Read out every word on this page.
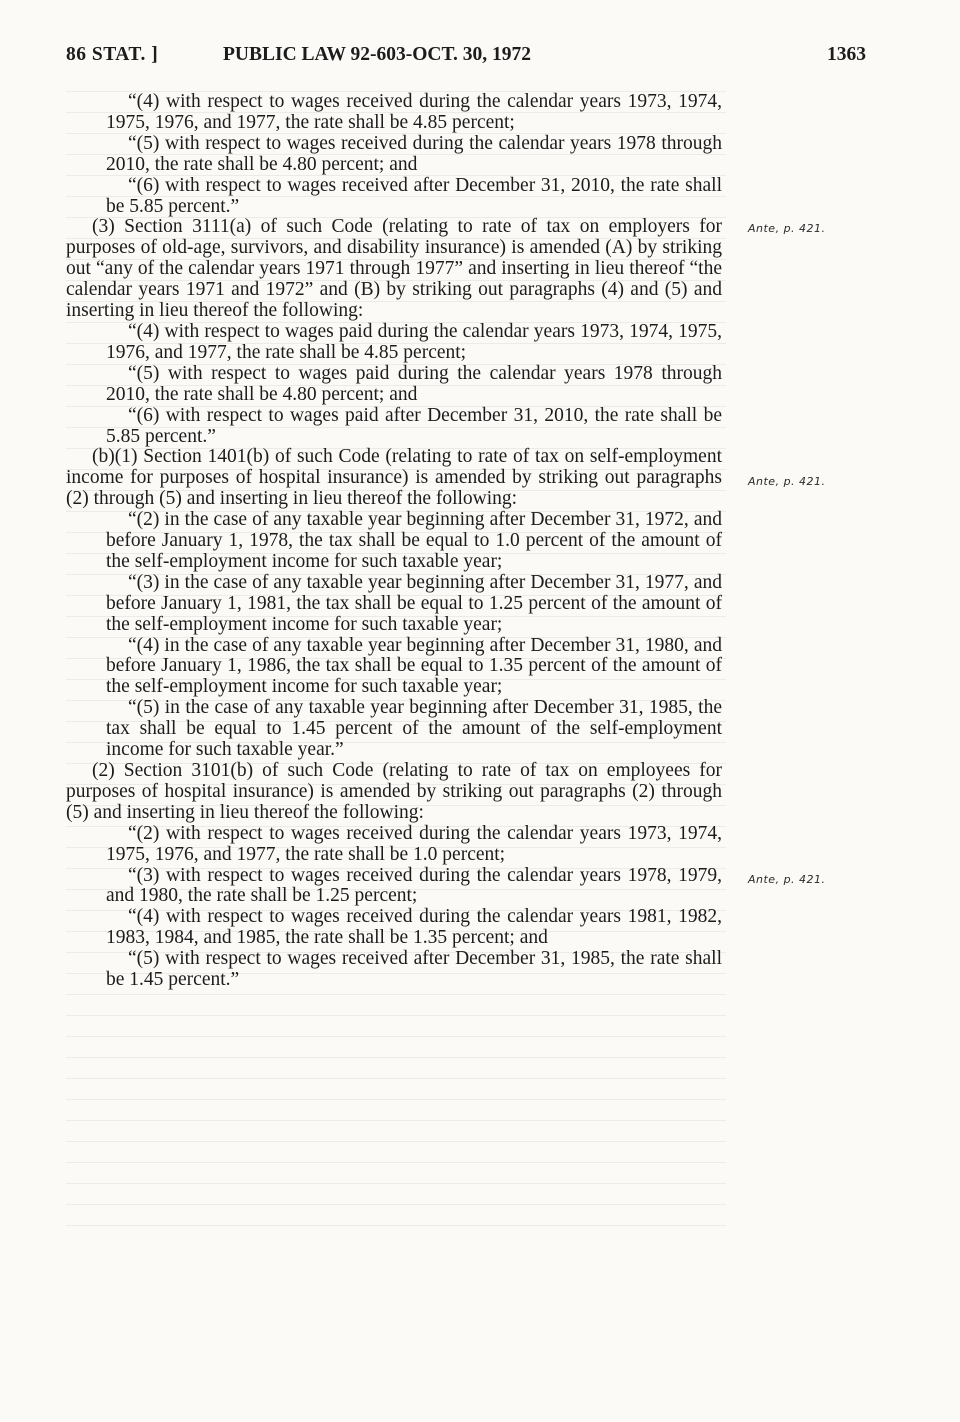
86 STAT. ]	PUBLIC LAW 92-603-OCT. 30, 1972	1363

“(4) with respect to wages received during the calendar years 1973, 1974, 1975, 1976, and 1977, the rate shall be 4.85 percent;

“(5) with respect to wages received during the calendar years 1978 through 2010, the rate shall be 4.80 percent; and

“(6) with respect to wages received after December 31, 2010, the rate shall be 5.85 percent.”

(3) Section 3111(a) of such Code (relating to rate of tax on employers for purposes of old-age, survivors, and disability insurance) is amended (A) by striking out “any of the calendar years 1971 through 1977” and inserting in lieu thereof “the calendar years 1971 and 1972” and (B) by striking out paragraphs (4) and (5) and inserting in lieu thereof the following:

“(4) with respect to wages paid during the calendar years 1973, 1974, 1975, 1976, and 1977, the rate shall be 4.85 percent;

“(5) with respect to wages paid during the calendar years 1978 through 2010, the rate shall be 4.80 percent; and

“(6) with respect to wages paid after December 31, 2010, the rate shall be 5.85 percent.”

(b)(1) Section 1401(b) of such Code (relating to rate of tax on self-employment income for purposes of hospital insurance) is amended by striking out paragraphs (2) through (5) and inserting in lieu thereof the following:

“(2) in the case of any taxable year beginning after December 31, 1972, and before January 1, 1978, the tax shall be equal to 1.0 percent of the amount of the self-employment income for such taxable year;

“(3) in the case of any taxable year beginning after December 31, 1977, and before January 1, 1981, the tax shall be equal to 1.25 percent of the amount of the self-employment income for such taxable year;

“(4) in the case of any taxable year beginning after December 31, 1980, and before January 1, 1986, the tax shall be equal to 1.35 percent of the amount of the self-employment income for such taxable year;

“(5) in the case of any taxable year beginning after December 31, 1985, the tax shall be equal to 1.45 percent of the amount of the self-employment income for such taxable year.”

(2) Section 3101(b) of such Code (relating to rate of tax on employees for purposes of hospital insurance) is amended by striking out paragraphs (2) through (5) and inserting in lieu thereof the following:

“(2) with respect to wages received during the calendar years 1973, 1974, 1975, 1976, and 1977, the rate shall be 1.0 percent;

“(3) with respect to wages received during the calendar years 1978, 1979, and 1980, the rate shall be 1.25 percent;

“(4) with respect to wages received during the calendar years 1981, 1982, 1983, 1984, and 1985, the rate shall be 1.35 percent; and

“(5) with respect to wages received after December 31, 1985, the rate shall be 1.45 percent.”

Ante, p. 421.
Ante, p. 421.
Ante, p. 421.
